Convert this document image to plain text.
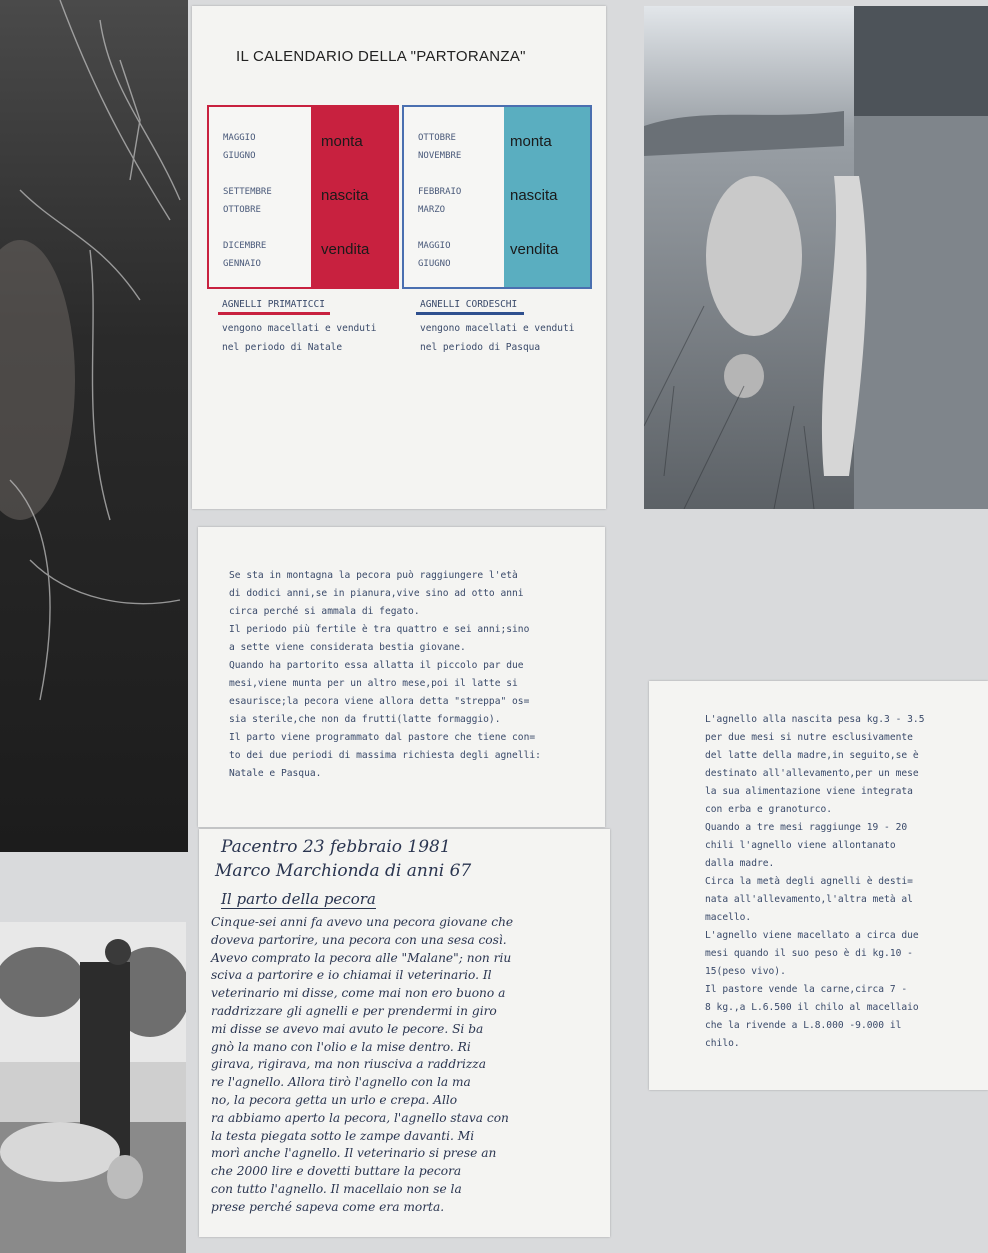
IL CALENDARIO DELLA "PARTORANZA"
MAGGIO
GIUGNO
SETTEMBRE
OTTOBRE
DICEMBRE
GENNAIO
monta
nascita
vendita
OTTOBRE
NOVEMBRE
FEBBRAIO
MARZO
MAGGIO
GIUGNO
monta
nascita
vendita
AGNELLI PRIMATICCI
vengono macellati e venduti
nel periodo di Natale
AGNELLI CORDESCHI
vengono macellati e venduti
nel periodo di Pasqua
Se sta in montagna la pecora può raggiungere l'età
di dodici anni,se in pianura,vive sino ad otto anni
circa perché si ammala di fegato.
Il periodo più fertile è tra quattro e sei anni;sino
a sette viene considerata bestia giovane.
Quando ha partorito essa allatta il piccolo par due
mesi,viene munta per un altro mese,poi il latte si
esaurisce;la pecora viene allora detta "streppa" os=
sia sterile,che non da frutti(latte formaggio).
Il parto viene programmato dal pastore che tiene con=
to dei due periodi di massima richiesta degli agnelli:
Natale e Pasqua.
L'agnello alla nascita pesa kg.3 - 3.5
per due mesi si nutre esclusivamente
del latte della madre,in seguito,se è
destinato all'allevamento,per un mese
la sua alimentazione viene integrata
con erba e granoturco.
Quando a tre mesi raggiunge 19 - 20
chili l'agnello viene allontanato
dalla madre.
Circa la metà degli agnelli è desti=
nata all'allevamento,l'altra metà al
macello.
L'agnello viene macellato a circa due
mesi quando il suo peso è di kg.10 -
15(peso vivo).
Il pastore vende la carne,circa 7 -
8 kg.,a L.6.500 il chilo al macellaio
che la rivende a L.8.000 -9.000 il
chilo.
Pacentro 23 febbraio 1981
Marco Marchionda di anni 67
Il parto della pecora
Cinque-sei anni fa avevo una pecora giovane che
doveva partorire, una pecora con una sesa così.
Avevo comprato la pecora alle "Malane"; non riu
sciva a partorire e io chiamai il veterinario. Il
veterinario mi disse, come mai non ero buono a
raddrizzare gli agnelli e per prendermi in giro
mi disse se avevo mai avuto le pecore. Si ba
gnò la mano con l'olio e la mise dentro. Ri
girava, rigirava, ma non riusciva a raddrizza
re l'agnello. Allora tirò l'agnello con la ma
no, la pecora getta un urlo e crepa. Allo
ra abbiamo aperto la pecora, l'agnello stava con
la testa piegata sotto le zampe davanti. Mi
morì anche l'agnello. Il veterinario si prese an
che 2000 lire e dovetti buttare la pecora
con tutto l'agnello. Il macellaio non se la
prese perché sapeva come era morta.
